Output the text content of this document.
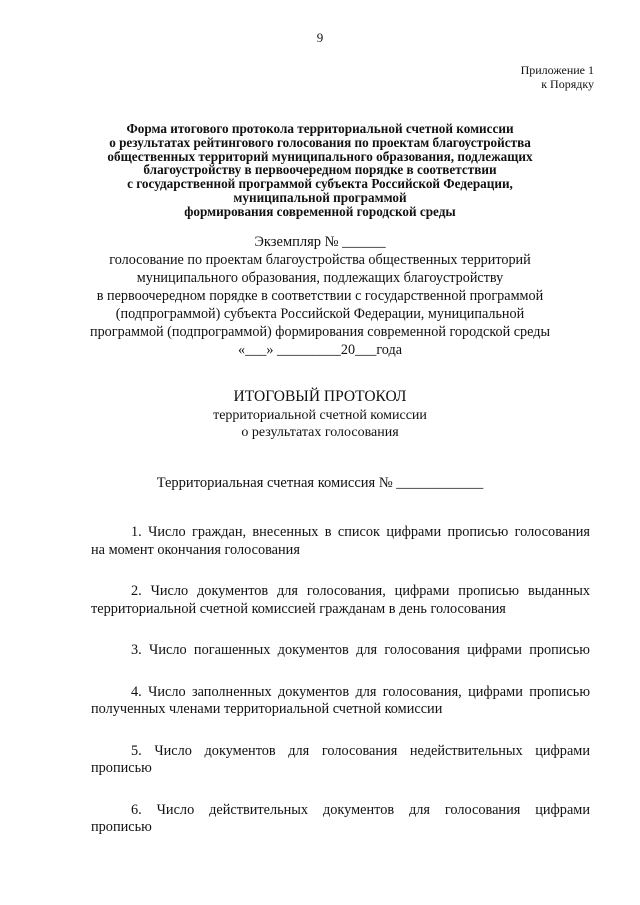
9
Приложение 1
к Порядку
Форма итогового протокола территориальной счетной комиссии
о результатах рейтингового голосования по проектам благоустройства
общественных территорий муниципального образования, подлежащих
благоустройству в первоочередном порядке в соответствии
с государственной программой субъекта Российской Федерации,
муниципальной программой
формирования современной городской среды
Экземпляр № ______
голосование по проектам благоустройства общественных территорий
муниципального образования, подлежащих благоустройству
в первоочередном порядке в соответствии с государственной программой
(подпрограммой) субъекта Российской Федерации, муниципальной
программой (подпрограммой) формирования современной городской среды
«___» _________20___года
ИТОГОВЫЙ ПРОТОКОЛ
территориальной счетной комиссии
о результатах голосования
Территориальная счетная комиссия № ____________
1. Число граждан, внесенных в список цифрами прописью голосования
на момент окончания голосования
2. Число документов для голосования, цифрами прописью выданных
территориальной счетной комиссией гражданам в день голосования
3. Число погашенных документов для голосования цифрами прописью
4. Число заполненных документов для голосования, цифрами прописью
полученных членами территориальной счетной комиссии
5. Число документов для голосования недействительных цифрами
прописью
6. Число действительных документов для голосования цифрами
прописью
